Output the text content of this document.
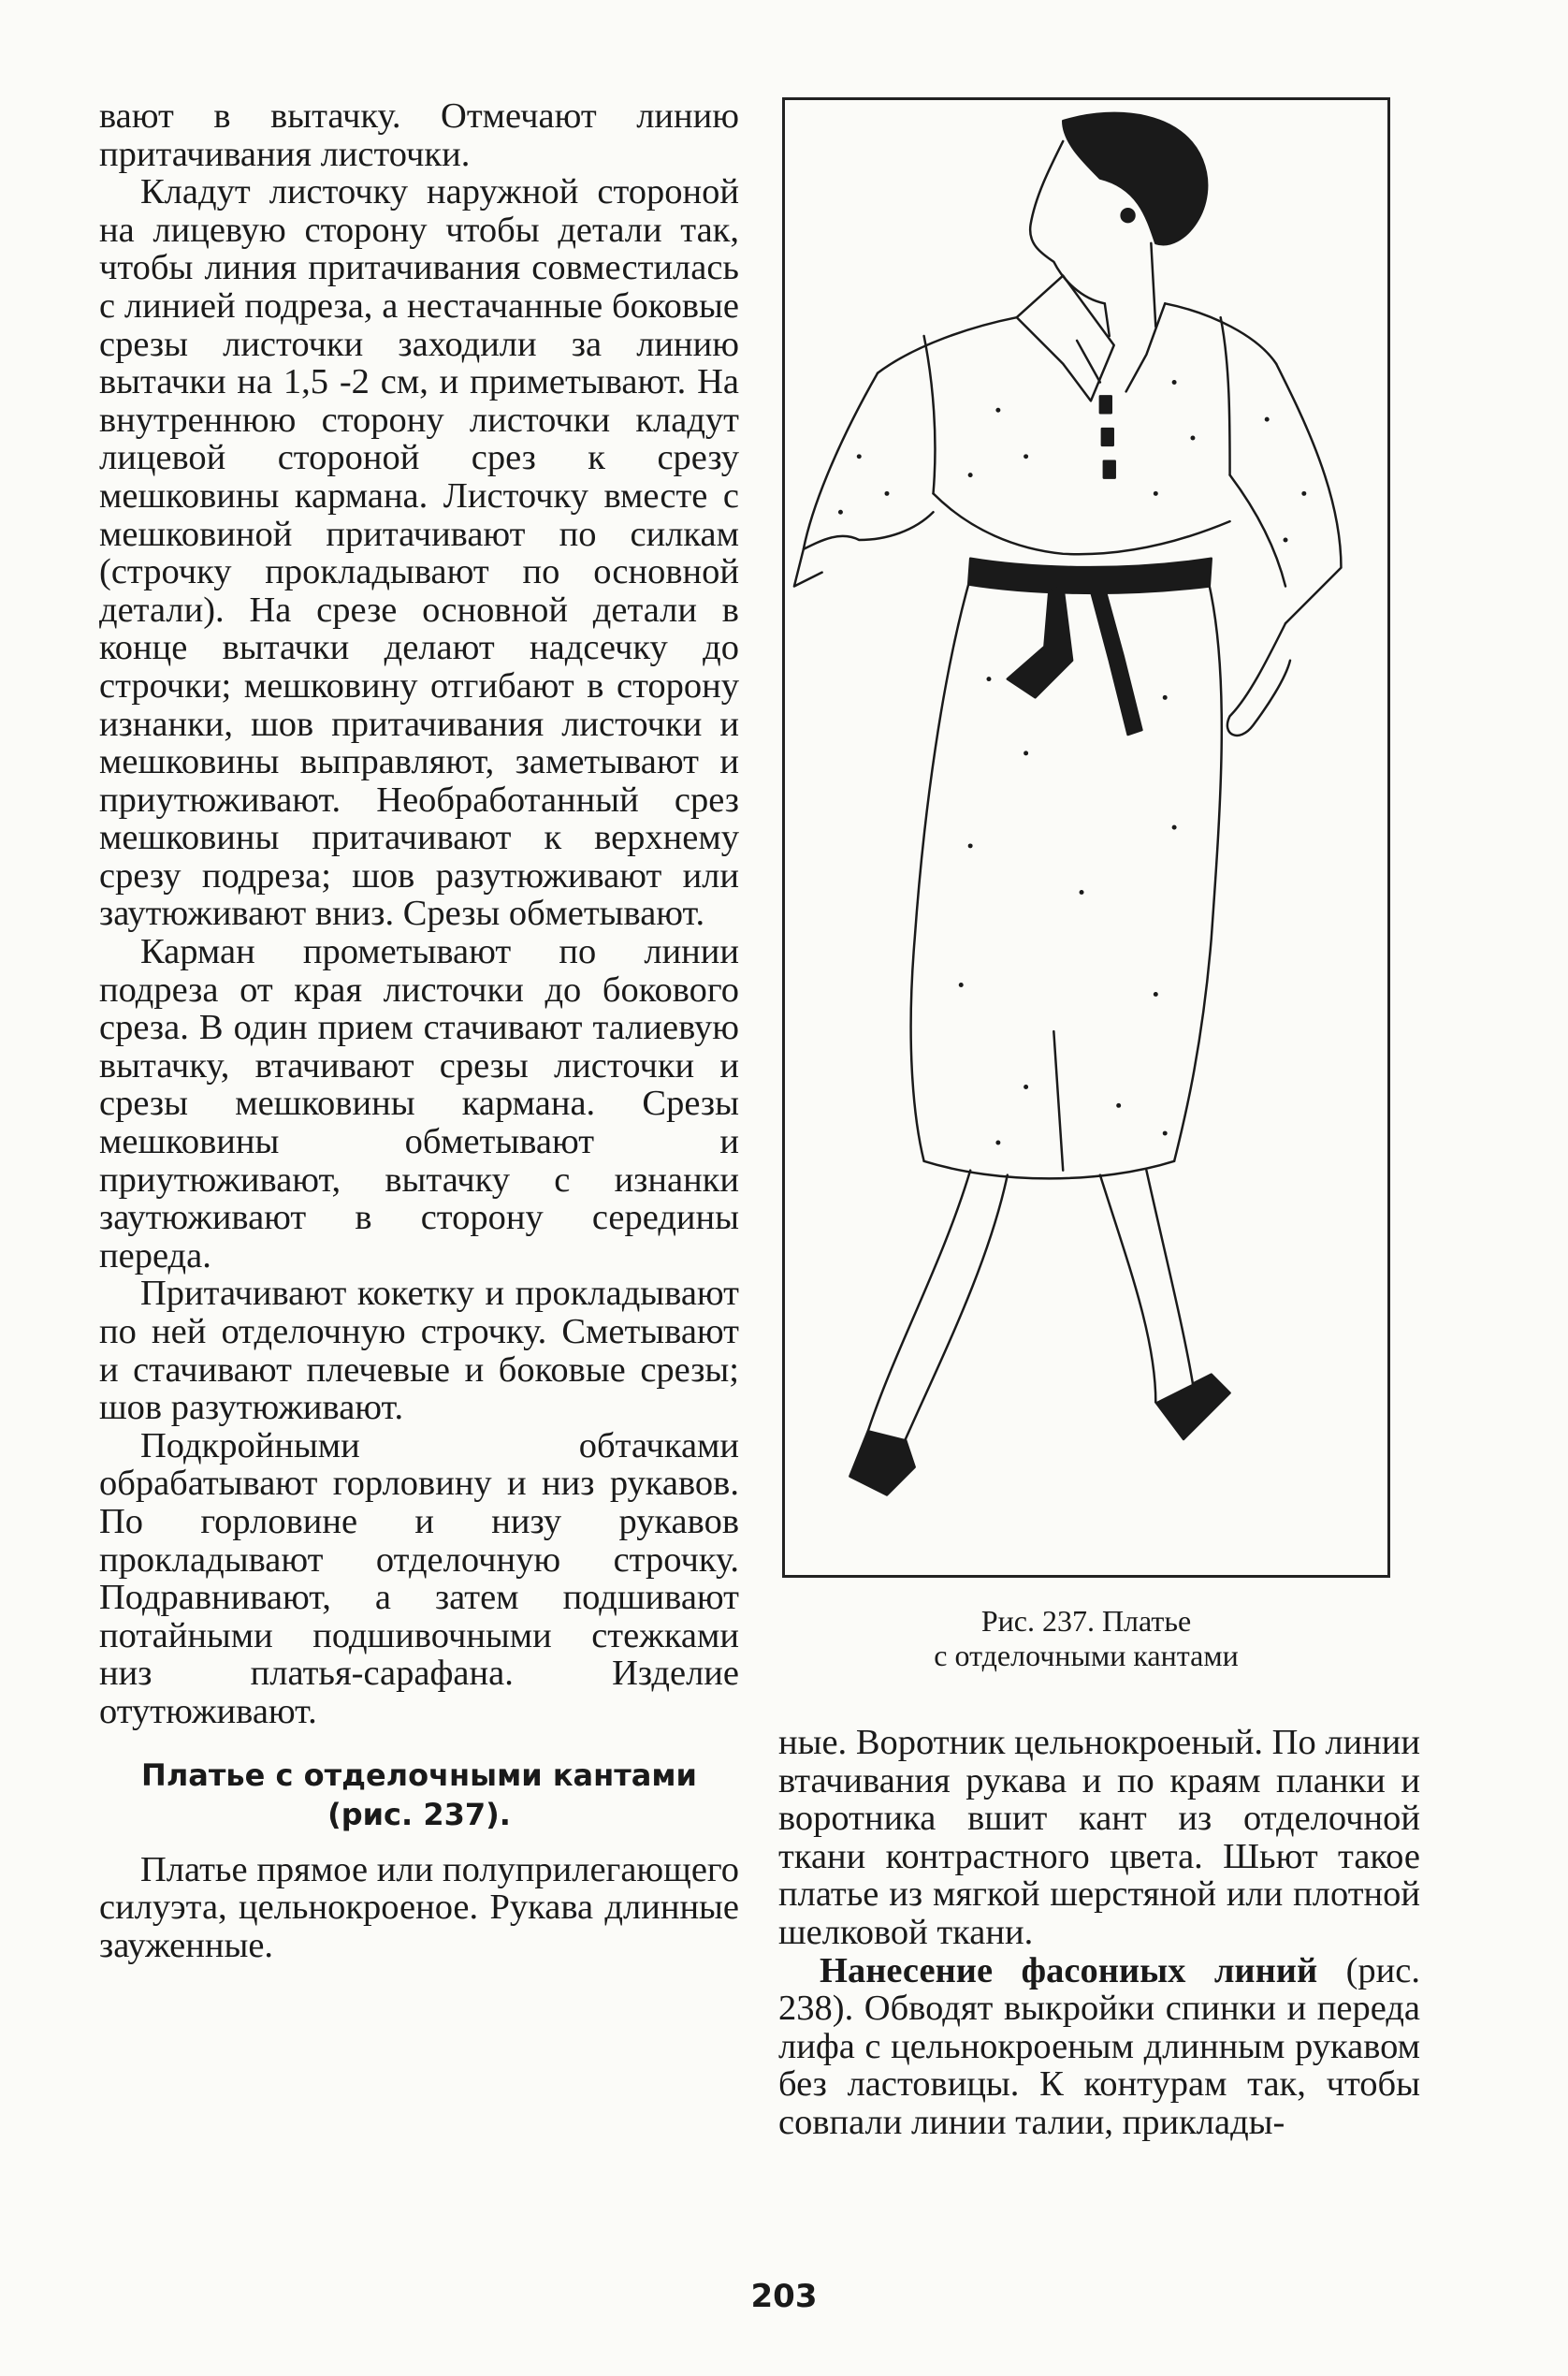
вают в вытачку. Отмечают линию притачивания листочки.

Кладут листочку наружной стороной на лицевую сторону чтобы детали так, чтобы линия притачивания совместилась с линией подреза, а нестачанные боковые срезы листочки заходили за линию вытачки на 1,5 -2 см, и приметывают. На внутреннюю сторону листочки кладут лицевой стороной срез к срезу мешковины кармана. Листочку вместе с мешковиной притачивают по силкам (строчку прокладывают по основной детали). На срезе основной детали в конце вытачки делают надсечку до строчки; мешковину отгибают в сторону изнанки, шов притачивания листочки и мешковины выправляют, заметывают и приутюживают. Необработанный срез мешковины притачивают к верхнему срезу подреза; шов разутюживают или заутюживают вниз. Срезы обметывают.

Карман прометывают по линии подреза от края листочки до бокового среза. В один прием стачивают талиевую вытачку, втачивают срезы листочки и срезы мешковины кармана. Срезы мешковины обметывают и приутюживают, вытачку с изнанки заутюживают в сторону середины переда.

Притачивают кокетку и прокладывают по ней отделочную строчку. Сметывают и стачивают плечевые и боковые срезы; шов разутюживают.

Подкройными обтачками обрабатывают горловину и низ рукавов. По горловине и низу рукавов прокладывают отделочную строчку. Подравнивают, а затем подшивают потайными подшивочными стежками низ платья-сарафана. Изделие отутюживают.

Платье с отделочными кантами
(рис. 237).

Платье прямое или полуприлегающего силуэта, цельнокроеное. Рукава длинные зауженные.

Рис. 237. Платье
с отделочными кантами

ные. Воротник цельнокроеный. По линии втачивания рукава и по краям планки и воротника вшит кант из отделочной ткани контрастного цвета. Шьют такое платье из мягкой шерстяной или плотной шелковой ткани.

Нанесение фасониых линий (рис. 238). Обводят выкройки спинки и переда лифа с цельнокроеным длинным рукавом без ластовицы. К контурам так, чтобы совпали линии талии, приклады-

203
